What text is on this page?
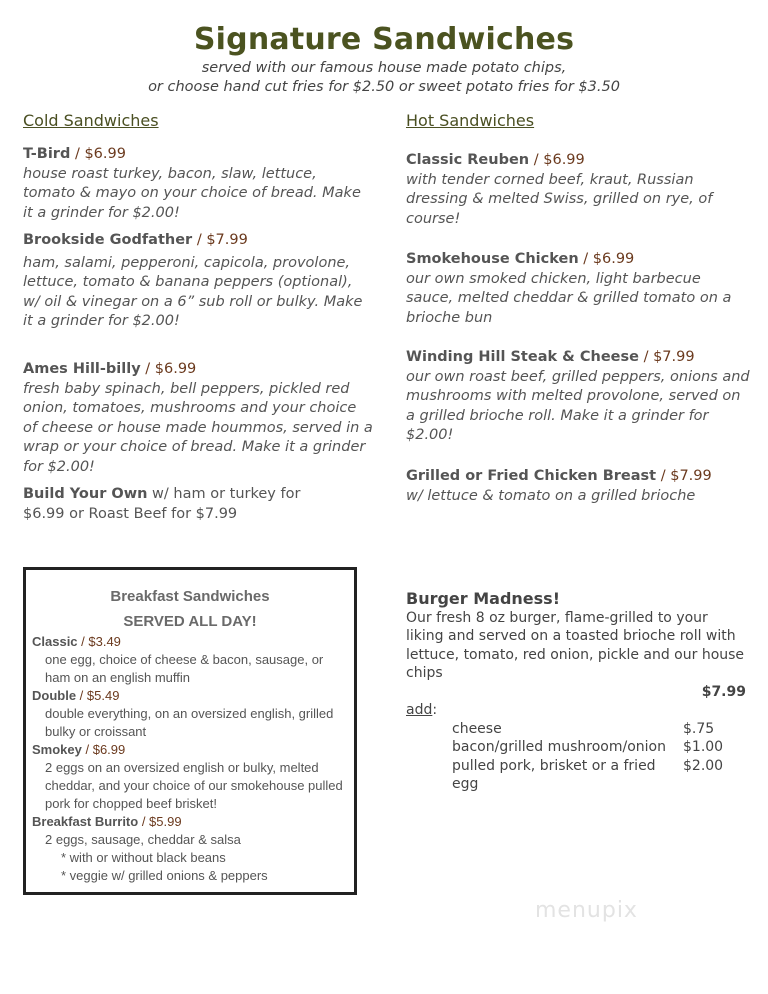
Signature Sandwiches
served with our famous house made potato chips,
or choose hand cut fries for $2.50 or sweet potato fries for $3.50
Cold Sandwiches
T-Bird / $6.99
house roast turkey, bacon, slaw, lettuce, tomato & mayo on your choice of bread. Make it a grinder for $2.00!
Brookside Godfather / $7.99
ham, salami, pepperoni, capicola, provolone, lettuce, tomato & banana peppers (optional), w/ oil & vinegar on a 6” sub roll or bulky. Make it a grinder for $2.00!
Ames Hill-billy / $6.99
fresh baby spinach, bell peppers, pickled red onion, tomatoes, mushrooms and your choice of cheese or house made hoummos, served in a wrap or your choice of bread. Make it a grinder for $2.00!
Build Your Own w/ ham or turkey for $6.99 or Roast Beef for $7.99
Hot Sandwiches
Classic Reuben / $6.99
with tender corned beef, kraut, Russian dressing & melted Swiss, grilled on rye, of course!
Smokehouse Chicken / $6.99
our own smoked chicken, light barbecue sauce, melted cheddar & grilled tomato on a brioche bun
Winding Hill Steak & Cheese / $7.99
our own roast beef, grilled peppers, onions and mushrooms with melted provolone, served on a grilled brioche roll. Make it a grinder for $2.00!
Grilled or Fried Chicken Breast / $7.99
w/ lettuce & tomato on a grilled brioche
Breakfast Sandwiches
SERVED ALL DAY!
Classic / $3.49
one egg, choice of cheese & bacon, sausage, or ham on an english muffin
Double / $5.49
double everything, on an oversized english, grilled bulky or croissant
Smokey / $6.99
2 eggs on an oversized english or bulky, melted cheddar, and your choice of our smokehouse pulled pork for chopped beef brisket!
Breakfast Burrito / $5.99
2 eggs, sausage, cheddar & salsa
* with or without black beans
* veggie w/ grilled onions & peppers
Burger Madness!
Our fresh 8 oz burger, flame-grilled to your liking and served on a toasted brioche roll with lettuce, tomato, red onion, pickle and our house chips
$7.99
add:
cheese	$.75
bacon/grilled mushroom/onion	$1.00
pulled pork, brisket or a fried egg
$2.00
menupix
